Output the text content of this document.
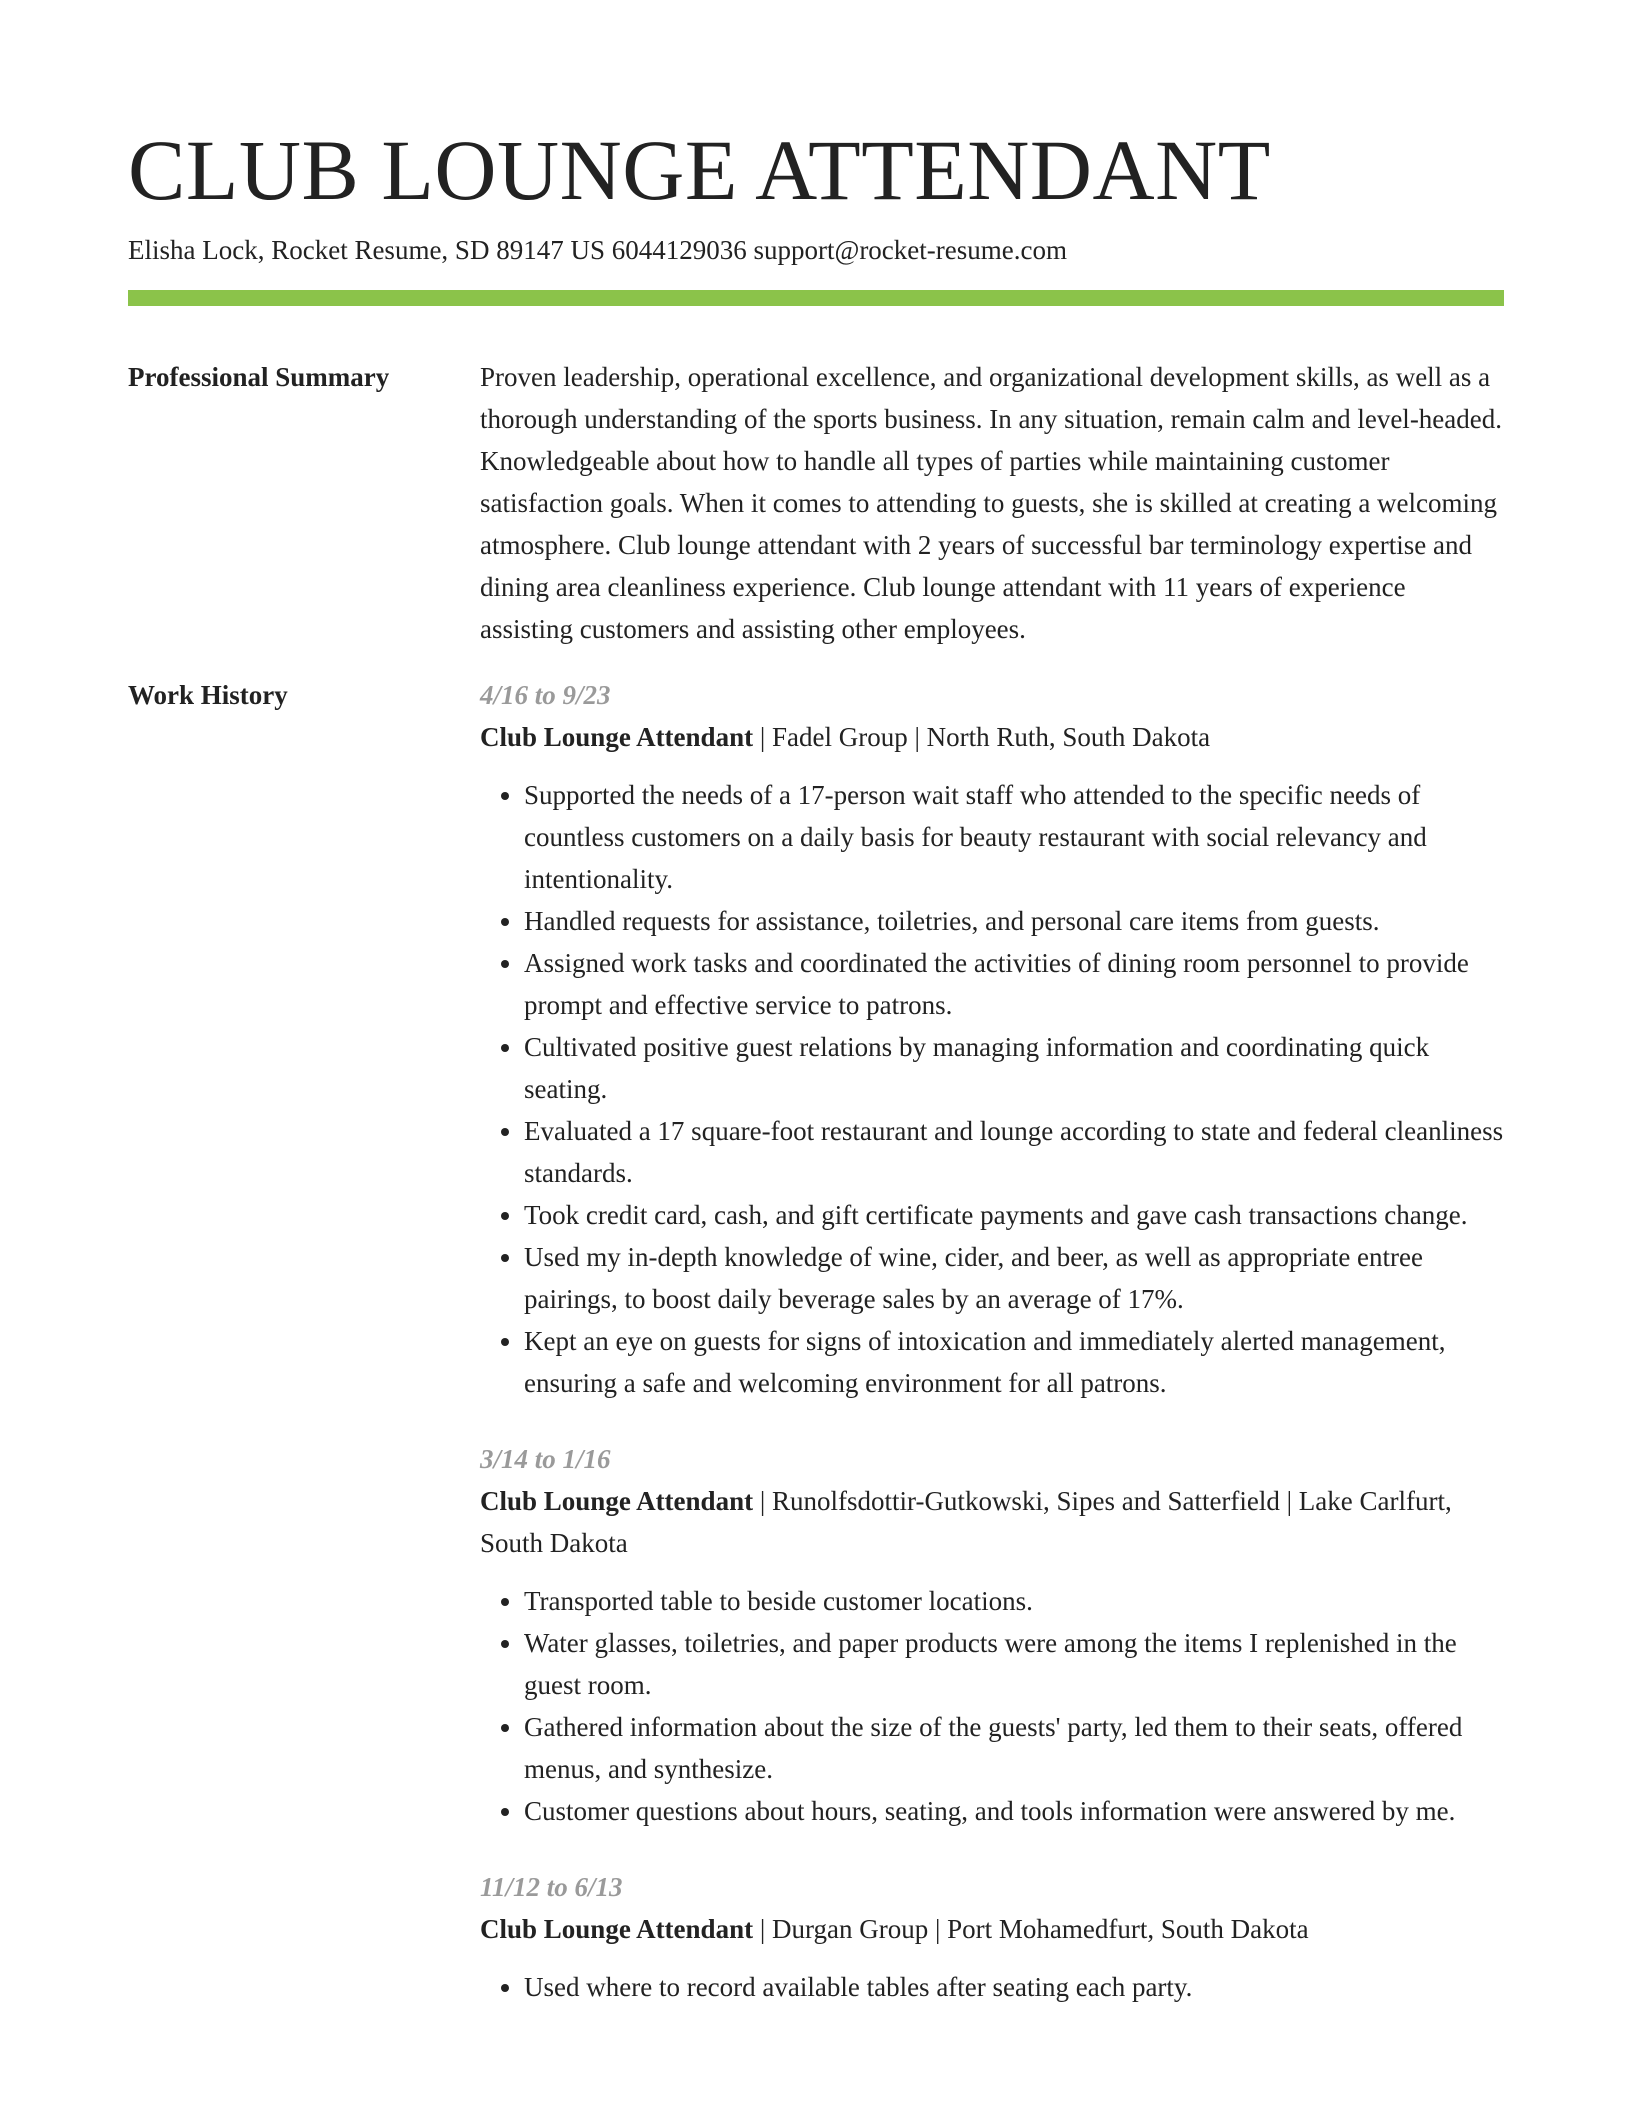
CLUB LOUNGE ATTENDANT
Elisha Lock, Rocket Resume, SD 89147 US 6044129036 support@rocket-resume.com
Professional Summary	Proven leadership, operational excellence, and organizational development skills, as well as a thorough understanding of the sports business. In any situation, remain calm and level-headed. Knowledgeable about how to handle all types of parties while maintaining customer satisfaction goals. When it comes to attending to guests, she is skilled at creating a welcoming atmosphere. Club lounge attendant with 2 years of successful bar terminology expertise and dining area cleanliness experience. Club lounge attendant with 11 years of experience assisting customers and assisting other employees.

Work History	4/16 to 9/23
Club Lounge Attendant | Fadel Group | North Ruth, South Dakota
• Supported the needs of a 17-person wait staff who attended to the specific needs of countless customers on a daily basis for beauty restaurant with social relevancy and intentionality.
• Handled requests for assistance, toiletries, and personal care items from guests.
• Assigned work tasks and coordinated the activities of dining room personnel to provide prompt and effective service to patrons.
• Cultivated positive guest relations by managing information and coordinating quick seating.
• Evaluated a 17 square-foot restaurant and lounge according to state and federal cleanliness standards.
• Took credit card, cash, and gift certificate payments and gave cash transactions change.
• Used my in-depth knowledge of wine, cider, and beer, as well as appropriate entree pairings, to boost daily beverage sales by an average of 17%.
• Kept an eye on guests for signs of intoxication and immediately alerted management, ensuring a safe and welcoming environment for all patrons.
3/14 to 1/16
Club Lounge Attendant | Runolfsdottir-Gutkowski, Sipes and Satterfield | Lake Carlfurt, South Dakota
• Transported table to beside customer locations.
• Water glasses, toiletries, and paper products were among the items I replenished in the guest room.
• Gathered information about the size of the guests' party, led them to their seats, offered menus, and synthesize.
• Customer questions about hours, seating, and tools information were answered by me.
11/12 to 6/13
Club Lounge Attendant | Durgan Group | Port Mohamedfurt, South Dakota
• Used where to record available tables after seating each party.
